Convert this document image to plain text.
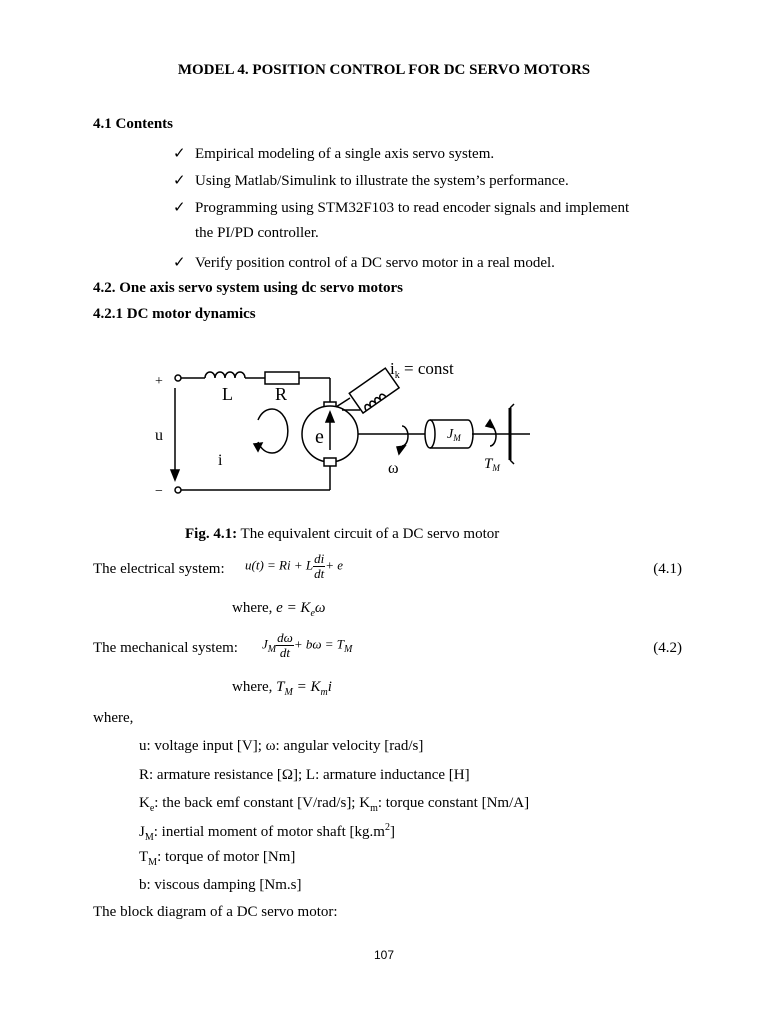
MODEL 4. POSITION CONTROL FOR DC SERVO MOTORS
4.1 Contents
✓ Empirical modeling of a single axis servo system.
✓ Using Matlab/Simulink to illustrate the system’s performance.
✓ Programming using STM32F103 to read encoder signals and implement
the PI/PD controller.
✓ Verify position control of a DC servo motor in a real model.
4.2. One axis servo system using dc servo motors
4.2.1 DC motor dynamics
+
−
u
i
L R
e
$i_k$ = const
ω
$J_M$
$T_M$
Fig. 4.1: The equivalent circuit of a DC servo motor
The electrical system: u(t) = Ri + L $\frac{di}{dt} + e$	(4.1)
where, $e = K_e\omega$
The mechanical system: $J_M \frac{d\omega}{dt} + b\omega = T_M$	(4.2)
where, $T_M = K_mi$
where,
u: voltage input [V]; ω: angular velocity [rad/s]
R: armature resistance [Ω]; L: armature inductance [H]
$K_e$: the back emf constant [V/rad/s]; $K_m$: torque constant [Nm/A]
$J_M$: inertial moment of motor shaft $[kg.m^2]$
$T_M$: torque of motor [Nm]
b: viscous damping [Nm.s]
The block diagram of a DC servo motor:
107
